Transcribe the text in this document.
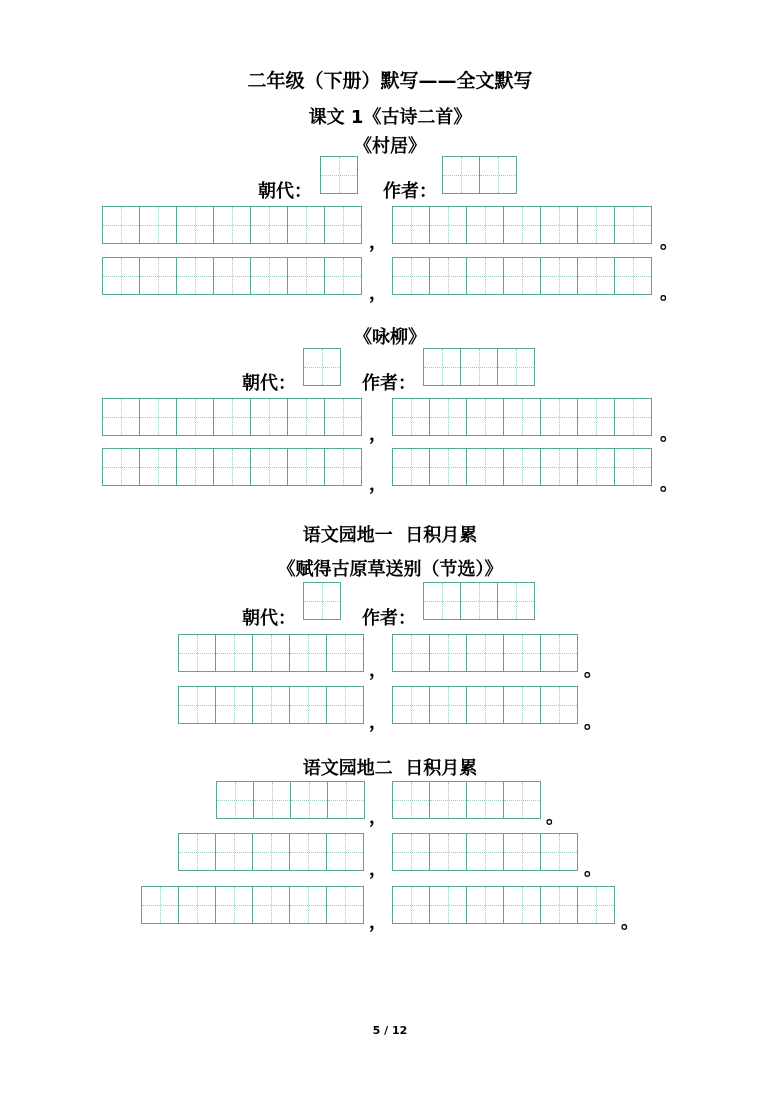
二年级（下册）默写——全文默写
课文 1《古诗二首》
《村居》
朝代：	作者：
，	。
，	。
《咏柳》
朝代：	作者：
，	。
，	。
语文园地一  日积月累
《赋得古原草送别（节选）》
朝代：	作者：
，	。
，	。
语文园地二  日积月累
，	。
，	。
，	。
5 / 12
